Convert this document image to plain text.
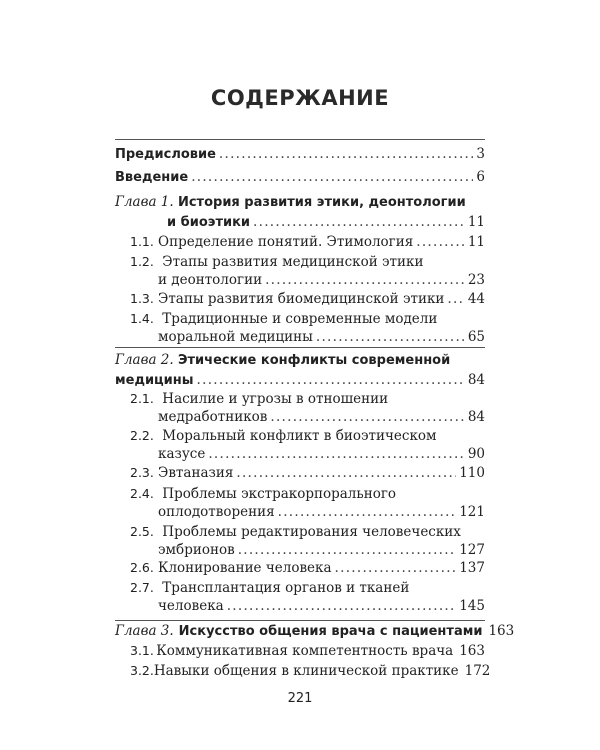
СОДЕРЖАНИЕ
Предисловие . . .	3
Введение . . .	6
Глава 1. История развития этики, деонтологии
и биоэтики . . .	11
1.1. Определение понятий. Этимология . . .	11
1.2. Этапы развития медицинской этики
и деонтологии . . .	23
1.3. Этапы развития биомедицинской этики . . . 44
1.4. Традиционные и современные модели
моральной медицины . . .	65
Глава 2. Этические конфликты современной
медицины . . .	84
2.1. Насилие и угрозы в отношении
медработников . . .	84
2.2. Моральный конфликт в биоэтическом
казусе . . .	90
2.3. Эвтаназия . . .	110
2.4. Проблемы экстракорпорального
оплодотворения . . .	121
2.5. Проблемы редактирования человеческих
эмбрионов . . .	127
2.6. Клонирование человека . . .	137
2.7. Трансплантация органов и тканей
человека . . .	145
Глава 3. Искусство общения врача с пациентами 163
3.1. Коммуникативная компетентность врача 163
3.2. Навыки общения в клинической практике 172
221
